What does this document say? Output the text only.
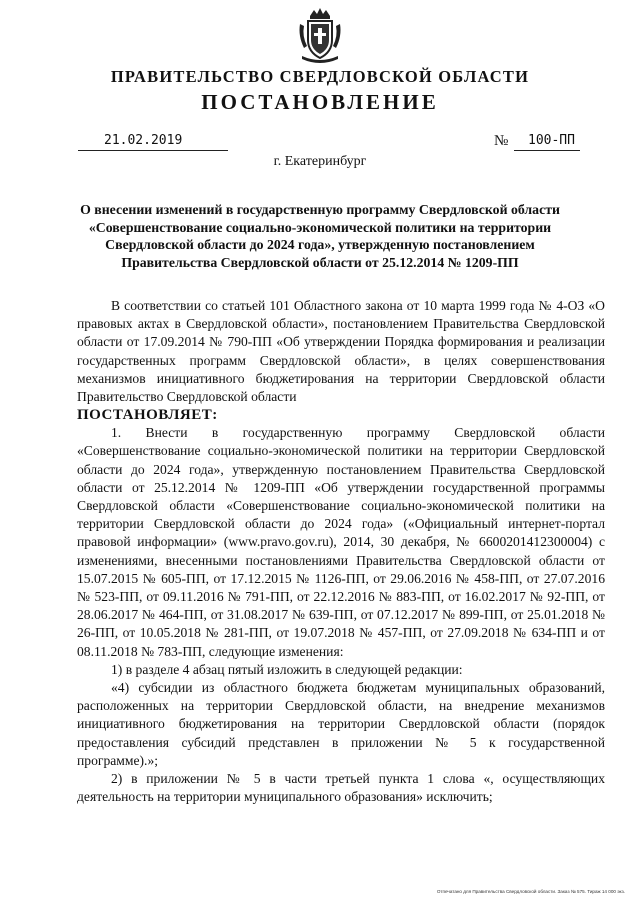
ПРАВИТЕЛЬСТВО СВЕРДЛОВСКОЙ ОБЛАСТИ
ПОСТАНОВЛЕНИЕ
21.02.2019	№	100-ПП
г. Екатеринбург
О внесении изменений в государственную программу Свердловской области «Совершенствование социально-экономической политики на территории Свердловской области до 2024 года», утвержденную постановлением Правительства Свердловской области от 25.12.2014 № 1209-ПП

В соответствии со статьей 101 Областного закона от 10 марта 1999 года № 4-ОЗ «О правовых актах в Свердловской области», постановлением Правительства Свердловской области от 17.09.2014 № 790-ПП «Об утверждении Порядка формирования и реализации государственных программ Свердловской области», в целях совершенствования механизмов инициативного бюджетирования на территории Свердловской области Правительство Свердловской области

ПОСТАНОВЛЯЕТ:

1. Внести в государственную программу Свердловской области «Совершенствование социально-экономической политики на территории Свердловской области до 2024 года», утвержденную постановлением Правительства Свердловской области от 25.12.2014 № 1209-ПП «Об утверждении государственной программы Свердловской области «Совершенствование социально-экономической политики на территории Свердловской области до 2024 года» («Официальный интернет-портал правовой информации» (www.pravo.gov.ru), 2014, 30 декабря, № 6600201412300004) с изменениями, внесенными постановлениями Правительства Свердловской области от 15.07.2015 № 605-ПП, от 17.12.2015 № 1126-ПП, от 29.06.2016 № 458-ПП, от 27.07.2016 № 523-ПП, от 09.11.2016 № 791-ПП, от 22.12.2016 № 883-ПП, от 16.02.2017 № 92-ПП, от 28.06.2017 № 464-ПП, от 31.08.2017 № 639-ПП, от 07.12.2017 № 899-ПП, от 25.01.2018 № 26-ПП, от 10.05.2018 № 281-ПП, от 19.07.2018 № 457-ПП, от 27.09.2018 № 634-ПП и от 08.11.2018 № 783-ПП, следующие изменения:

1) в разделе 4 абзац пятый изложить в следующей редакции:

«4) субсидии из областного бюджета бюджетам муниципальных образований, расположенных на территории Свердловской области, на внедрение механизмов инициативного бюджетирования на территории Свердловской области (порядок предоставления субсидий представлен в приложении № 5 к государственной программе).»;

2) в приложении № 5 в части третьей пункта 1 слова «, осуществляющих деятельность на территории муниципального образования» исключить;

Отпечатано для Правительства Свердловской области. Заказ № 575. Тираж 14 000 экз.
